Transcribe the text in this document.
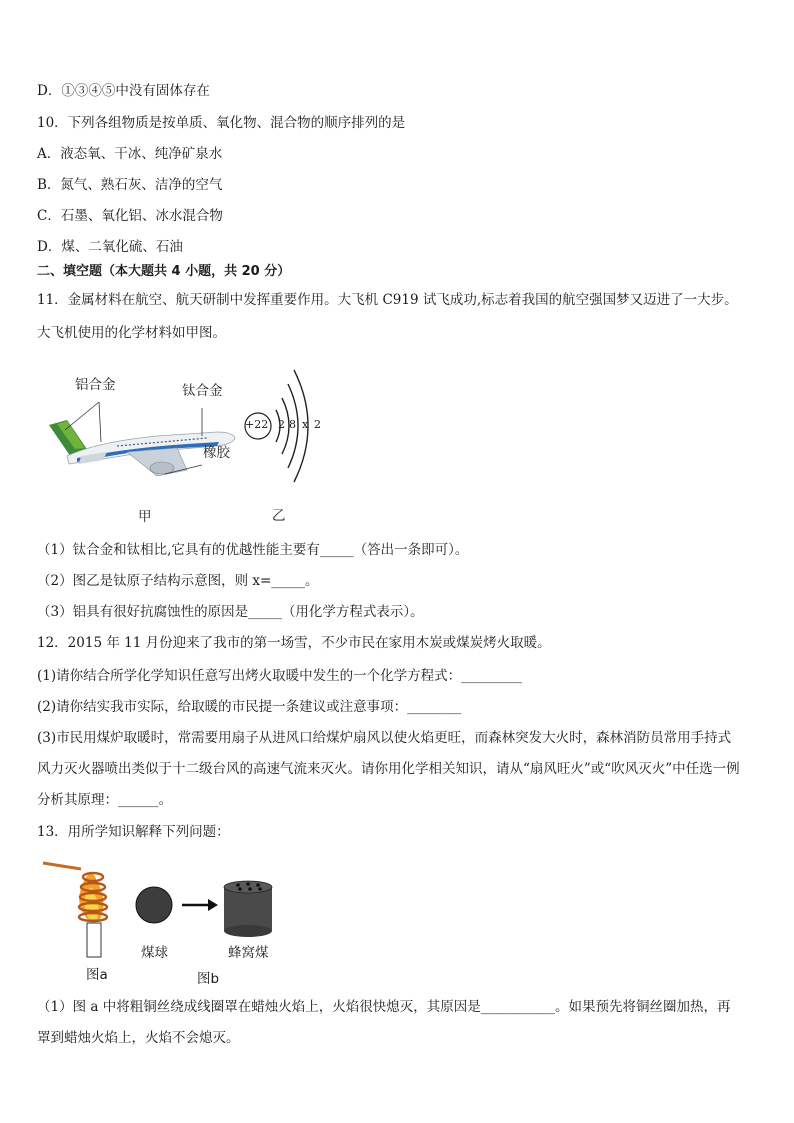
D．①③④⑤中没有固体存在
10．下列各组物质是按单质、氧化物、混合物的顺序排列的是
A．液态氧、干冰、纯净矿泉水
B．氮气、熟石灰、洁净的空气
C．石墨、氧化铝、冰水混合物
D．煤、二氧化硫、石油
二、填空题（本大题共 4 小题，共 20 分）
11．金属材料在航空、航天研制中发挥重要作用。大飞机 C919 试飞成功,标志着我国的航空强国梦又迈进了一大步。
大飞机使用的化学材料如甲图。
C919
铝合金	钛合金
橡胶
甲
+22 2 8 x 2
乙
（1）钛合金和钛相比,它具有的优越性能主要有_____（答出一条即可）。
（2）图乙是钛原子结构示意图，则 x=_____。
（3）铝具有很好抗腐蚀性的原因是_____（用化学方程式表示）。
12．2015 年 11 月份迎来了我市的第一场雪，不少市民在家用木炭或煤炭烤火取暖。
(1)请你结合所学化学知识任意写出烤火取暖中发生的一个化学方程式：_________
(2)请你结实我市实际，给取暖的市民提一条建议或注意事项：________
(3)市民用煤炉取暖时，常需要用扇子从进风口给煤炉扇风以使火焰更旺，而森林突发大火时，森林消防员常用手持式
风力灭火器喷出类似于十二级台风的高速气流来灭火。请你用化学相关知识，请从“扇风旺火”或“吹风灭火”中任选一例
分析其原理：______。
13．用所学知识解释下列问题：
图a
煤球	蜂窝煤
图b
（1）图 a 中将粗铜丝绕成线圈罩在蜡烛火焰上，火焰很快熄灭，其原因是___________。如果预先将铜丝圈加热，再
罩到蜡烛火焰上，火焰不会熄灭。
